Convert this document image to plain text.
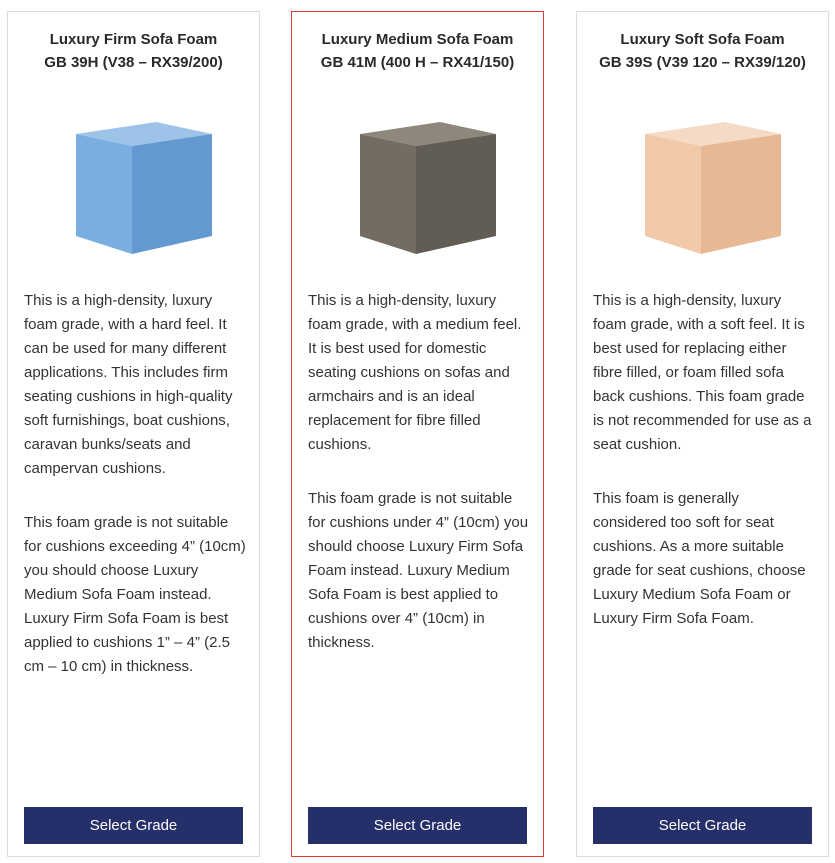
Luxury Firm Sofa Foam
GB 39H (V38 – RX39/200)

This is a high-density, luxury foam grade, with a hard feel. It can be used for many different applications. This includes firm seating cushions in high-quality soft furnishings, boat cushions, caravan bunks/seats and campervan cushions.

This foam grade is not suitable for cushions exceeding 4” (10cm) you should choose Luxury Medium Sofa Foam instead. Luxury Firm Sofa Foam is best applied to cushions 1” – 4” (2.5 cm – 10 cm) in thickness.

Select Grade
Luxury Medium Sofa Foam
GB 41M (400 H – RX41/150)

This is a high-density, luxury foam grade, with a medium feel. It is best used for domestic seating cushions on sofas and armchairs and is an ideal replacement for fibre filled cushions.

This foam grade is not suitable for cushions under 4” (10cm) you should choose Luxury Firm Sofa Foam instead. Luxury Medium Sofa Foam is best applied to cushions over 4” (10cm) in thickness.

Select Grade
Luxury Soft Sofa Foam
GB 39S (V39 120 – RX39/120)

This is a high-density, luxury foam grade, with a soft feel. It is best used for replacing either fibre filled, or foam filled sofa back cushions. This foam grade is not recommended for use as a seat cushion.

This foam is generally considered too soft for seat cushions. As a more suitable grade for seat cushions, choose Luxury Medium Sofa Foam or Luxury Firm Sofa Foam.

Select Grade
